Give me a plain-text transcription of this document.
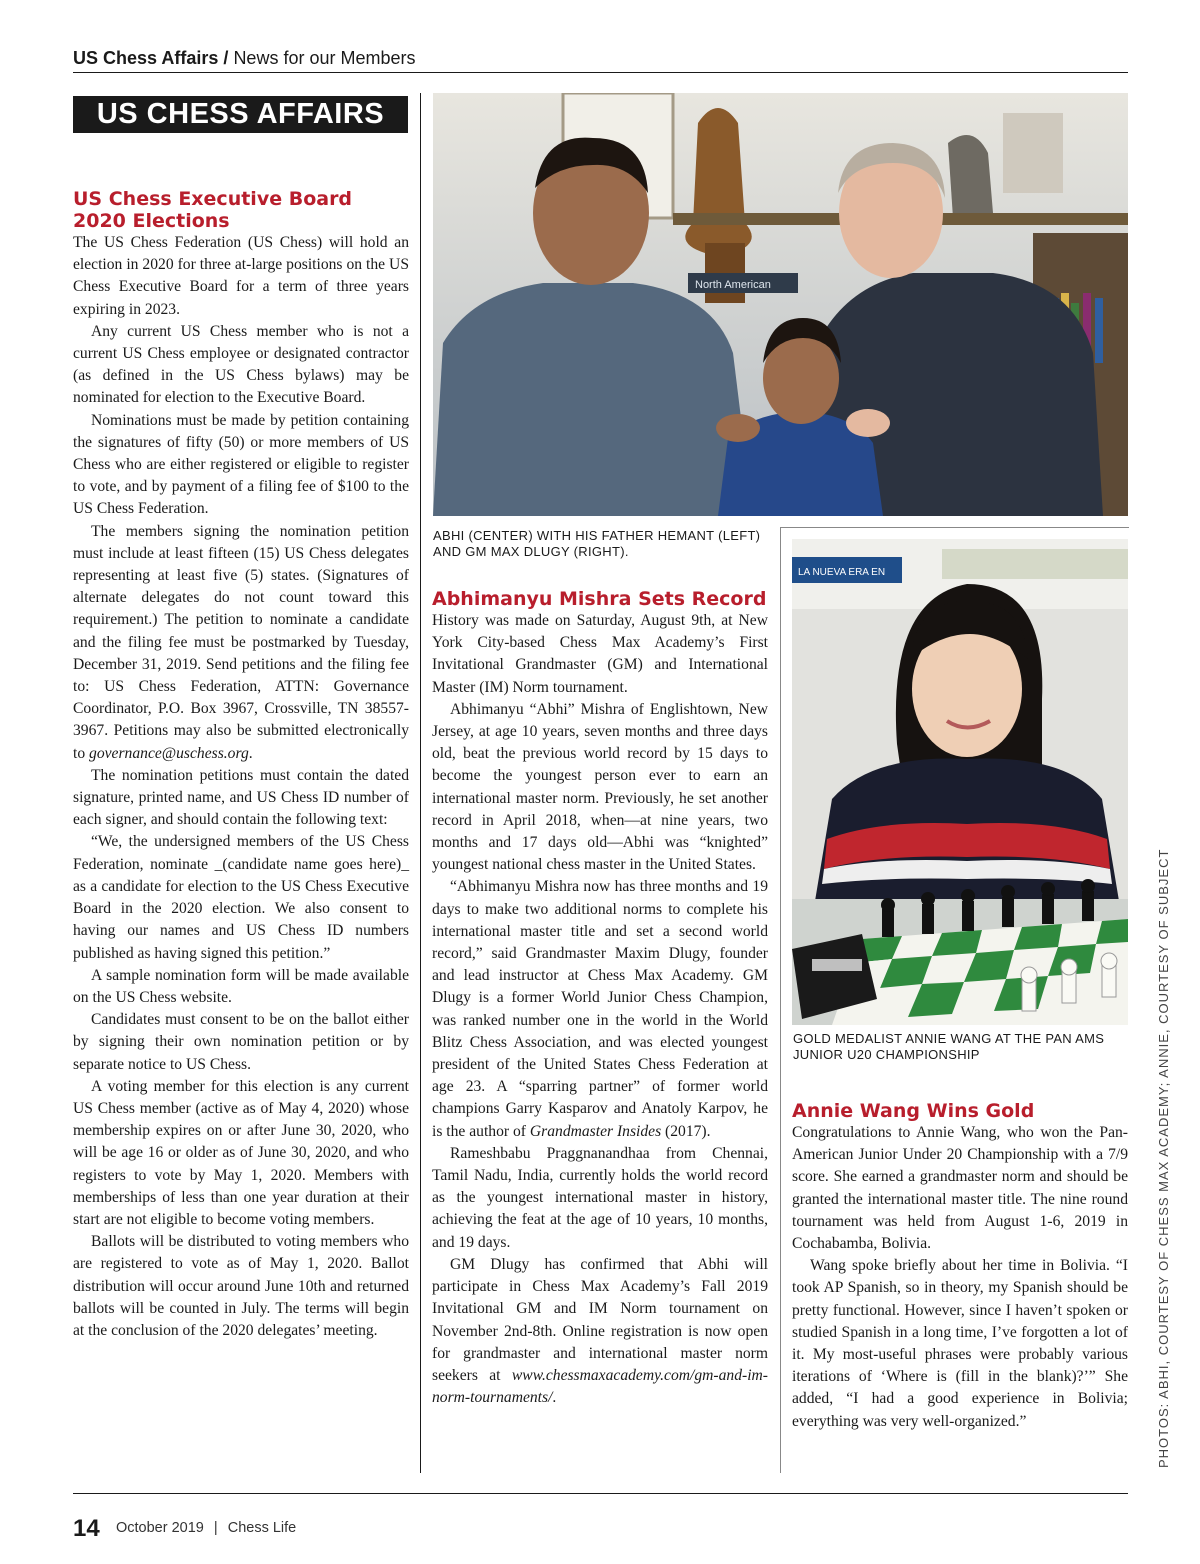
US Chess Affairs / News for our Members
US CHESS AFFAIRS
US Chess Executive Board 2020 Elections

The US Chess Federation (US Chess) will hold an election in 2020 for three at-large positions on the US Chess Executive Board for a term of three years expiring in 2023.

Any current US Chess member who is not a current US Chess employee or designated contractor (as defined in the US Chess bylaws) may be nominated for election to the Executive Board.

Nominations must be made by petition containing the signatures of fifty (50) or more members of US Chess who are either registered or eligible to register to vote, and by payment of a filing fee of $100 to the US Chess Federation.

The members signing the nomination petition must include at least fifteen (15) US Chess delegates representing at least five (5) states. (Signatures of alternate delegates do not count toward this requirement.) The petition to nominate a candidate and the filing fee must be postmarked by Tuesday, December 31, 2019. Send petitions and the filing fee to: US Chess Federation, ATTN: Governance Coordinator, P.O. Box 3967, Crossville, TN 38557-3967. Petitions may also be submitted electronically to governance@uschess.org.

The nomination petitions must contain the dated signature, printed name, and US Chess ID number of each signer, and should contain the following text:

“We, the undersigned members of the US Chess Federation, nominate _(candidate name goes here)_ as a candidate for election to the US Chess Executive Board in the 2020 election. We also consent to having our names and US Chess ID numbers published as having signed this petition.”

A sample nomination form will be made available on the US Chess website.

Candidates must consent to be on the ballot either by signing their own nomination petition or by separate notice to US Chess.

A voting member for this election is any current US Chess member (active as of May 4, 2020) whose membership expires on or after June 30, 2020, who will be age 16 or older as of June 30, 2020, and who registers to vote by May 1, 2020. Members with memberships of less than one year duration at their start are not eligible to become voting members.

Ballots will be distributed to voting members who are registered to vote as of May 1, 2020. Ballot distribution will occur around June 10th and returned ballots will be counted in July. The terms will begin at the conclusion of the 2020 delegates’ meeting.

North American
ABHI (CENTER) WITH HIS FATHER HEMANT (LEFT) AND GM MAX DLUGY (RIGHT).
Abhimanyu Mishra Sets Record

History was made on Saturday, August 9th, at New York City-based Chess Max Academy’s First Invitational Grandmaster (GM) and International Master (IM) Norm tournament.

Abhimanyu “Abhi” Mishra of Englishtown, New Jersey, at age 10 years, seven months and three days old, beat the previous world record by 15 days to become the youngest person ever to earn an international master norm. Previously, he set another record in April 2018, when—at nine years, two months and 17 days old—Abhi was “knighted” youngest national chess master in the United States.

“Abhimanyu Mishra now has three months and 19 days to make two additional norms to complete his international master title and set a second world record,” said Grandmaster Maxim Dlugy, founder and lead instructor at Chess Max Academy. GM Dlugy is a former World Junior Chess Champion, was ranked number one in the world in the World Blitz Chess Association, and was elected youngest president of the United States Chess Federation at age 23. A “sparring partner” of former world champions Garry Kasparov and Anatoly Karpov, he is the author of Grandmaster Insides (2017).

Rameshbabu Praggnanandhaa from Chennai, Tamil Nadu, India, currently holds the world record as the youngest international master in history, achieving the feat at the age of 10 years, 10 months, and 19 days.

GM Dlugy has confirmed that Abhi will participate in Chess Max Academy’s Fall 2019 Invitational GM and IM Norm tournament on November 2nd-8th. Online registration is now open for grandmaster and international master norm seekers at www.chessmaxacademy.com/gm-and-im-norm-tournaments/.

LA NUEVA ERA EN
GOLD MEDALIST ANNIE WANG AT THE PAN AMS JUNIOR U20 CHAMPIONSHIP
Annie Wang Wins Gold

Congratulations to Annie Wang, who won the Pan-American Junior Under 20 Championship with a 7/9 score. She earned a grandmaster norm and should be granted the international master title. The nine round tournament was held from August 1-6, 2019 in Cochabamba, Bolivia.

Wang spoke briefly about her time in Bolivia. “I took AP Spanish, so in theory, my Spanish should be pretty functional. However, since I haven’t spoken or studied Spanish in a long time, I’ve forgotten a lot of it. My most-useful phrases were probably various iterations of ‘Where is (fill in the blank)?’” She added, “I had a good experience in Bolivia; everything was very well-organized.”	PHOTOS: ABHI, COURTESY OF CHESS MAX ACADEMY; ANNIE, COURTESY OF SUBJECT
14 October 2019 | Chess Life
